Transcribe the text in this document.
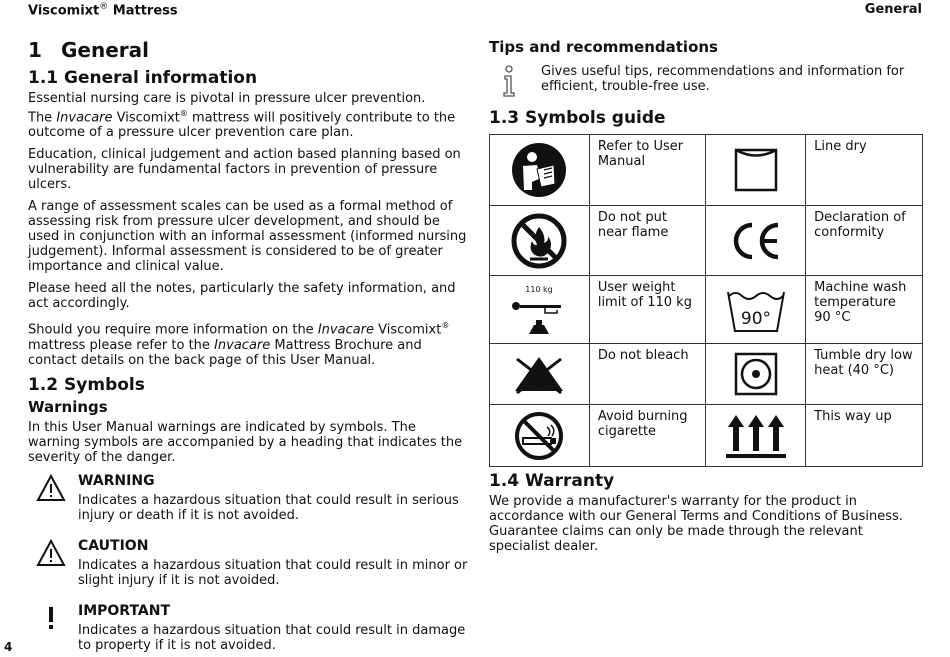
Viscomixt® Mattress	General
1 General
1.1 General information

Essential nursing care is pivotal in pressure ulcer prevention.
The Invacare Viscomixt® mattress will positively contribute to the outcome of a pressure ulcer prevention care plan.

Education, clinical judgement and action based planning based on vulnerability are fundamental factors in prevention of pressure ulcers.

A range of assessment scales can be used as a formal method of assessing risk from pressure ulcer development, and should be used in conjunction with an informal assessment (informed nursing judgement). Informal assessment is considered to be of greater importance and clinical value.

Please heed all the notes, particularly the safety information, and act accordingly.

Should you require more information on the Invacare Viscomixt® mattress please refer to the Invacare Mattress Brochure and contact details on the back page of this User Manual.

1.2 Symbols
Warnings

In this User Manual warnings are indicated by symbols. The warning symbols are accompanied by a heading that indicates the severity of the danger.

WARNING

Indicates a hazardous situation that could result in serious injury or death if it is not avoided.

CAUTION

Indicates a hazardous situation that could result in minor or slight injury if it is not avoided.

IMPORTANT

Indicates a hazardous situation that could result in damage to property if it is not avoided.

Tips and recommendations

Gives useful tips, recommendations and information for efficient, trouble-free use.

1.3 Symbols guide
	Refer to User Manual		Line dry

	Do not put near flame		Declaration of conformity

110 kg	User weight limit of 110 kg	90°	Machine wash temperature 90 °C

	Do not bleach		Tumble dry low heat (40 °C)

	Avoid burning cigarette		This way up
1.4 Warranty

We provide a manufacturer's warranty for the product in accordance with our General Terms and Conditions of Business. Guarantee claims can only be made through the relevant specialist dealer.

4
